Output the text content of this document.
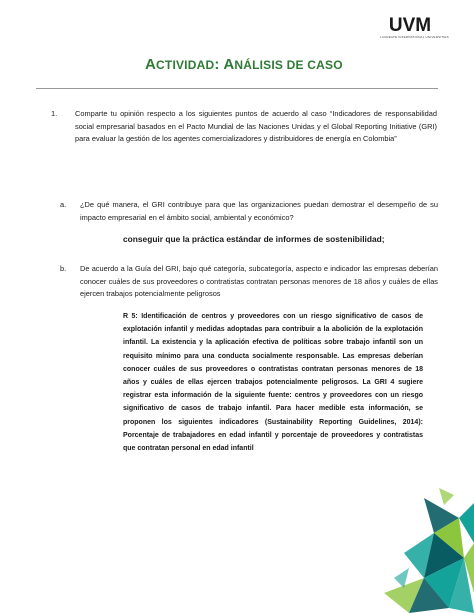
UVM
LAUREATE INTERNATIONAL UNIVERSITIES
ACTIVIDAD: ANÁLISIS DE CASO
1. Comparte tu opinión respecto a los siguientes puntos de acuerdo al caso “Indicadores de responsabilidad social empresarial basados en el Pacto Mundial de las Naciones Unidas y el Global Reporting Initiative (GRI) para evaluar la gestión de los agentes comercializadores y distribuidores de energía en Colombia”
a. ¿De qué manera, el GRI contribuye para que las organizaciones puedan demostrar el desempeño de su impacto empresarial en el ámbito social, ambiental y económico?
conseguir que la práctica estándar de informes de sostenibilidad;
b. De acuerdo a la Guía del GRI, bajo qué categoría, subcategoría, aspecto e indicador las empresas deberían conocer cuáles de sus proveedores o contratistas contratan personas menores de 18 años y cuáles de ellas ejercen trabajos potencialmente peligrosos
R 5: Identificación de centros y proveedores con un riesgo significativo de casos de explotación infantil y medidas adoptadas para contribuir a la abolición de la explotación infantil. La existencia y la aplicación efectiva de políticas sobre trabajo infantil son un requisito mínimo para una conducta socialmente responsable. Las empresas deberían conocer cuáles de sus proveedores o contratistas contratan personas menores de 18 años y cuáles de ellas ejercen trabajos potencialmente peligrosos. La GRI 4 sugiere registrar esta información de la siguiente fuente: centros y proveedores con un riesgo significativo de casos de trabajo infantil. Para hacer medible esta información, se proponen los siguientes indicadores (Sustainability Reporting Guidelines, 2014): Porcentaje de trabajadores en edad infantil y porcentaje de proveedores y contratistas que contratan personal en edad infantil
